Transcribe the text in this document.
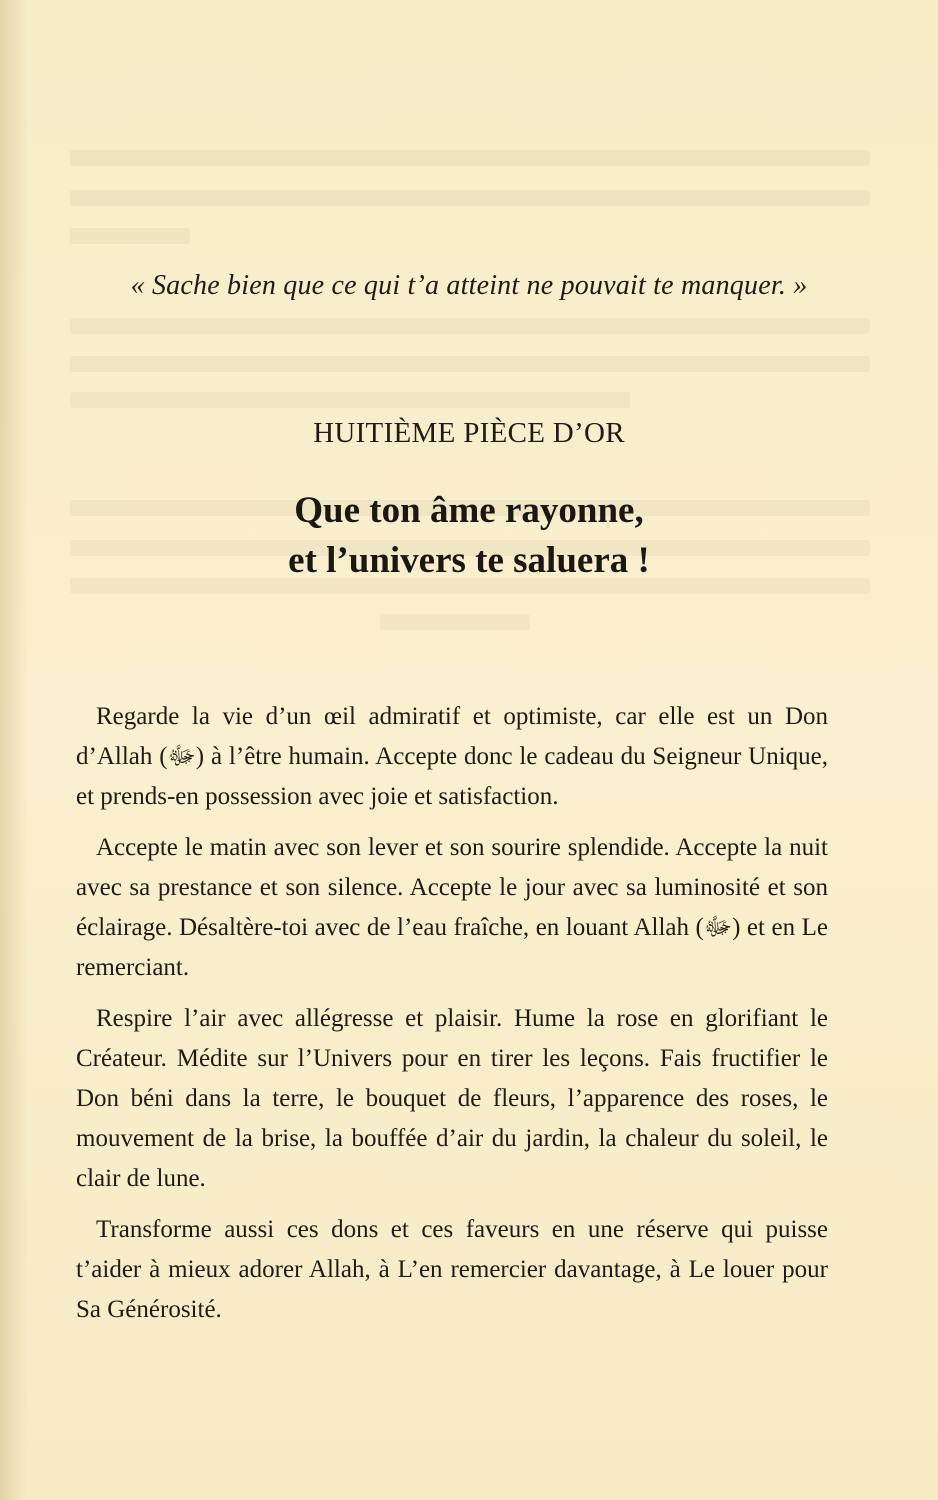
« Sache bien que ce qui t’a atteint ne pouvait te manquer. »
HUITIÈME PIÈCE D’OR
Que ton âme rayonne,
et l’univers te saluera !

Regarde la vie d’un œil admiratif et optimiste, car elle est un Don d’Allah (ﷻ) à l’être humain. Accepte donc le cadeau du Seigneur Unique, et prends-en possession avec joie et satisfaction.

Accepte le matin avec son lever et son sourire splendide. Accepte la nuit avec sa prestance et son silence. Accepte le jour avec sa luminosité et son éclairage. Désaltère-toi avec de l’eau fraîche, en louant Allah (ﷻ) et en Le remerciant.

Respire l’air avec allégresse et plaisir. Hume la rose en glorifiant le Créateur. Médite sur l’Univers pour en tirer les leçons. Fais fructifier le Don béni dans la terre, le bouquet de fleurs, l’apparence des roses, le mouvement de la brise, la bouffée d’air du jardin, la chaleur du soleil, le clair de lune.

Transforme aussi ces dons et ces faveurs en une réserve qui puisse t’aider à mieux adorer Allah, à L’en remercier davantage, à Le louer pour Sa Générosité.
